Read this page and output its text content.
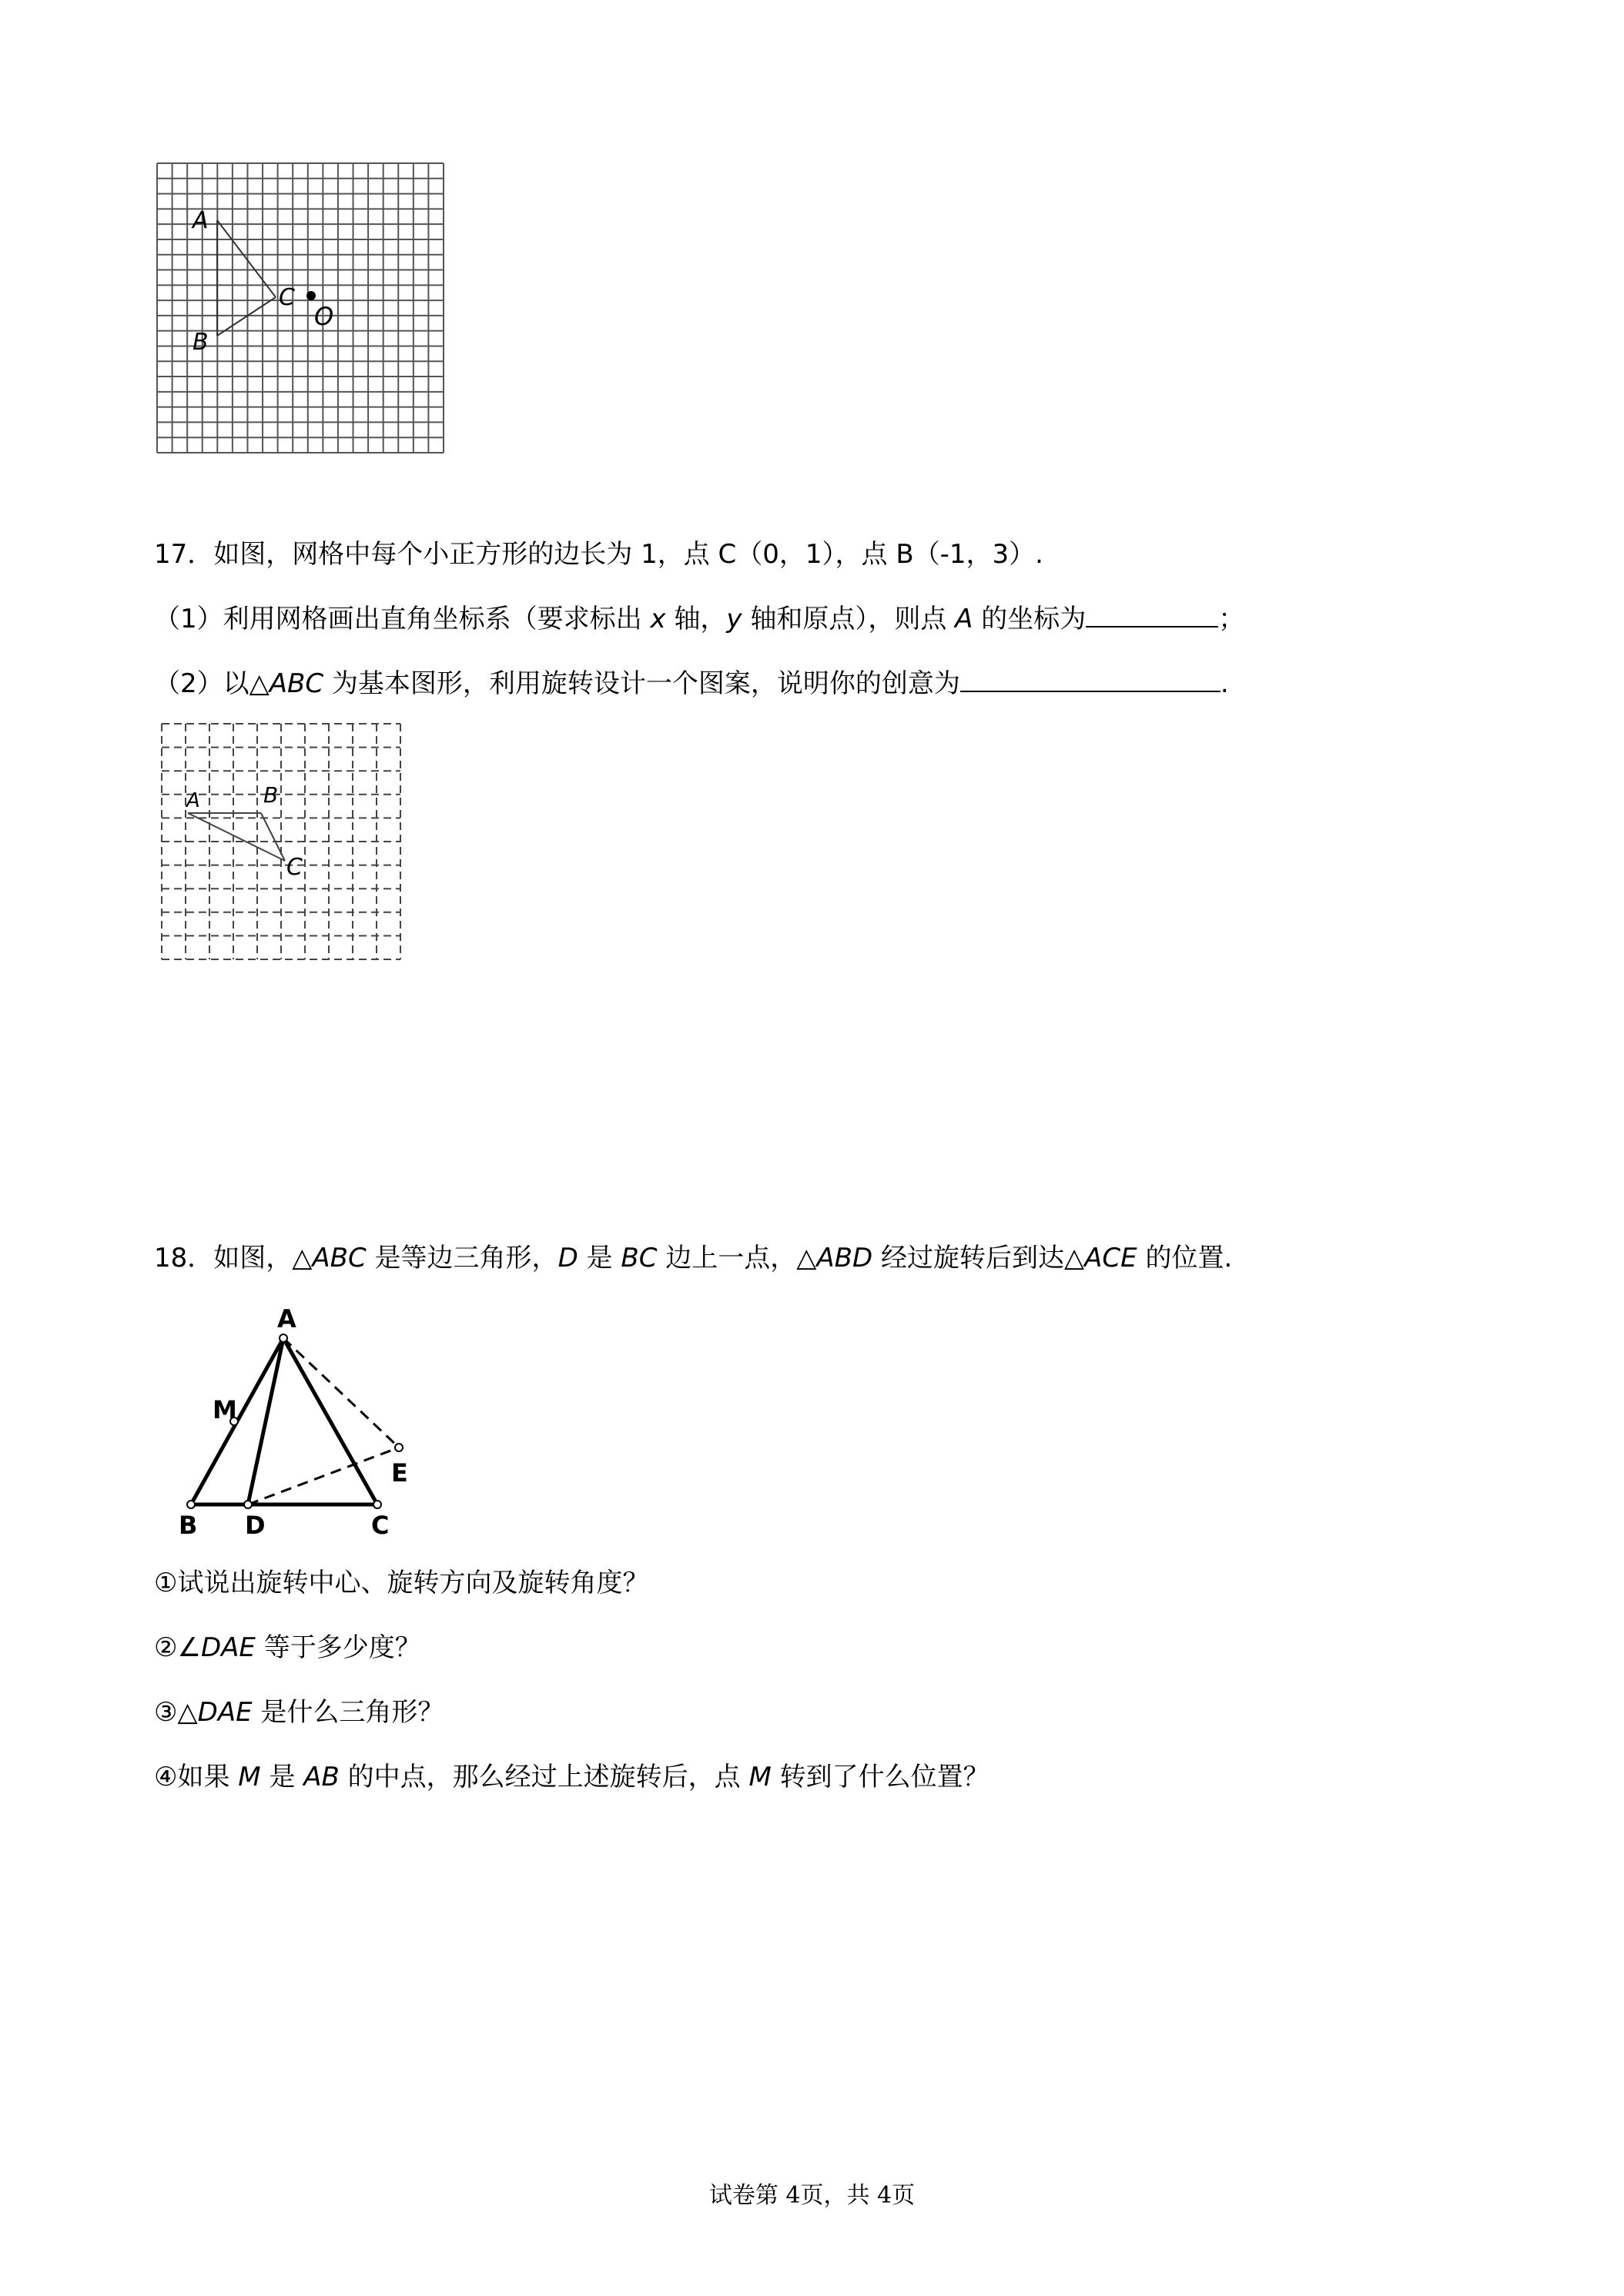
A
B
C
O
17．如图，网格中每个小正方形的边长为 1，点 C（0，1），点 B（-1，3）.
（1）利用网格画出直角坐标系（要求标出 x 轴，y 轴和原点），则点 A 的坐标为	；
（2）以△ABC 为基本图形，利用旋转设计一个图案，说明你的创意为	.
A	B
C
18．如图，△ABC 是等边三角形，D 是 BC 边上一点，△ABD 经过旋转后到达△ACE 的位置.
A
M
E
B D	C
①试说出旋转中心、旋转方向及旋转角度？
②∠DAE 等于多少度？
③△DAE 是什么三角形？
④如果 M 是 AB 的中点，那么经过上述旋转后，点 M 转到了什么位置？
试卷第 4页，共 4页
